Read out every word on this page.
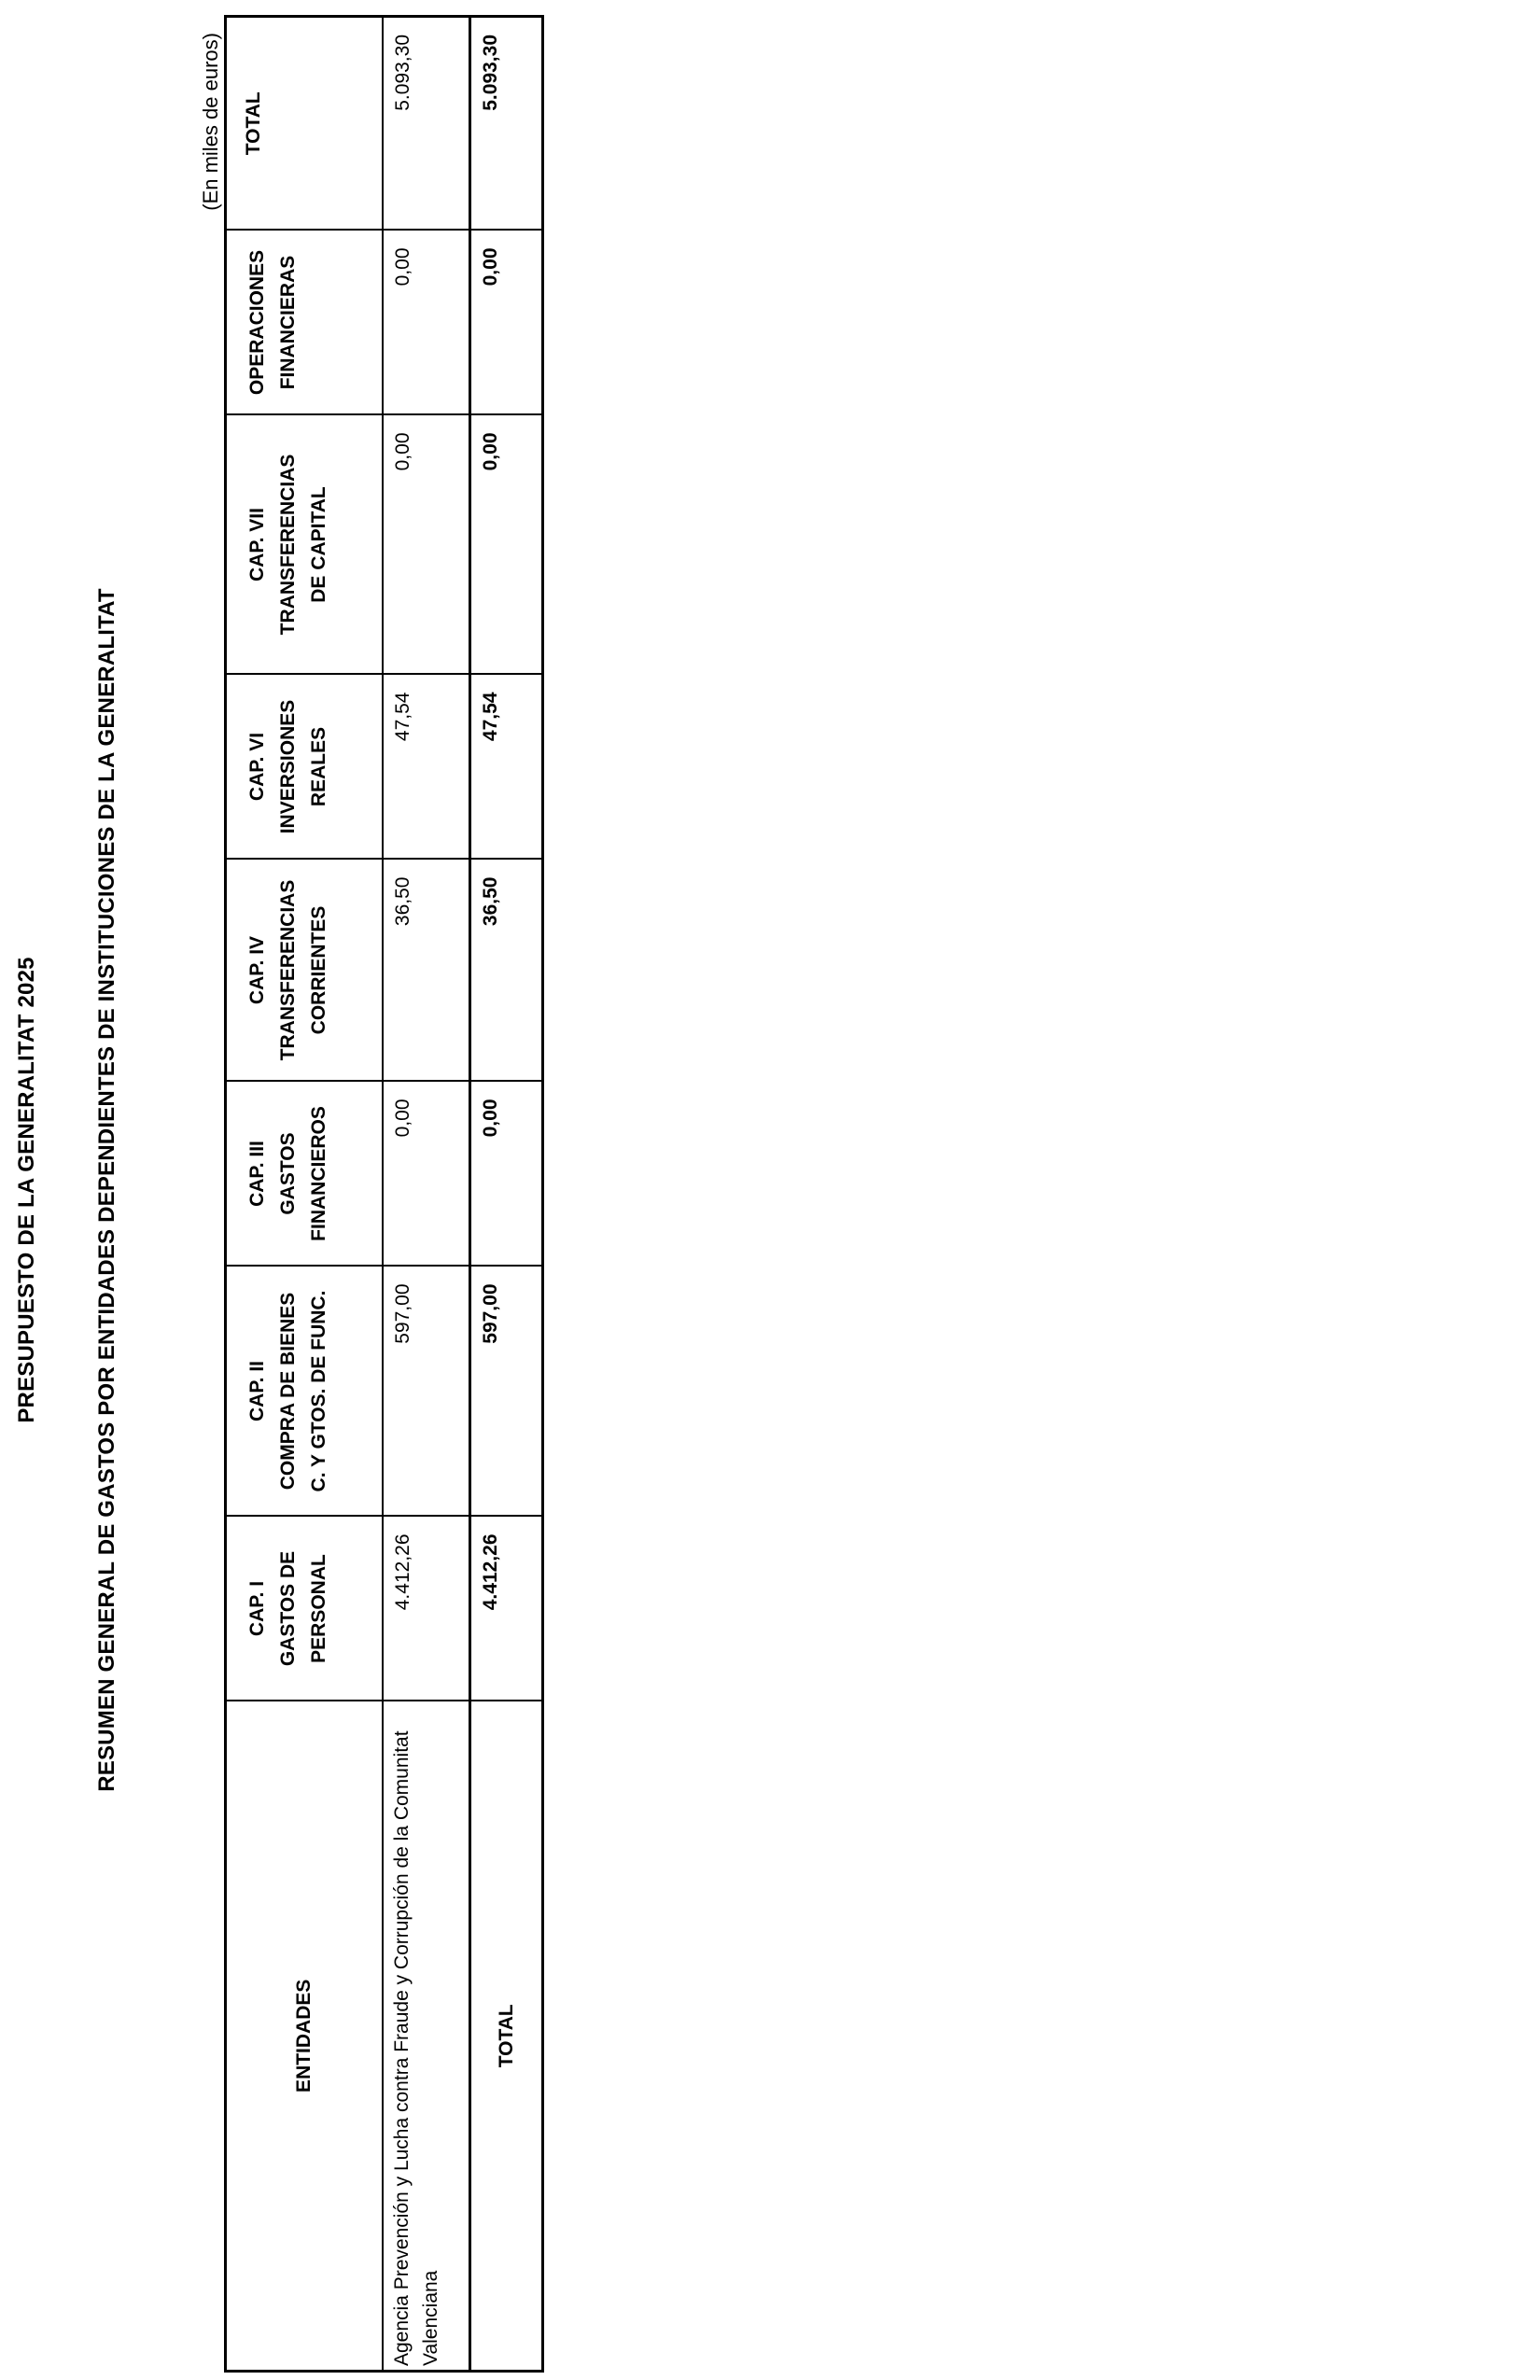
PRESUPUESTO DE LA GENERALITAT 2025 RESUMEN GENERAL DE GASTOS POR ENTIDADES DEPENDIENTES DE INSTITUCIONES DE LA GENERALITAT
(En miles de euros)
ENTIDADES	CAP. I GASTOS DE PERSONAL	CAP. II COMPRA DE BIENES C. Y GTOS. DE FUNC.	CAP. III GASTOS FINANCIEROS	CAP. IV TRANSFERENCIAS CORRIENTES	CAP. VI INVERSIONES REALES	CAP. VII TRANSFERENCIAS DE CAPITAL	OPERACIONES FINANCIERAS	TOTAL
Agencia Prevención y Lucha contra Fraude y Corrupción de la Comunitat Valenciana	4.412,26	597,00	0,00	36,50	47,54	0,00	0,00	5.093,30
TOTAL	4.412,26	597,00	0,00	36,50	47,54	0,00	0,00	5.093,30
